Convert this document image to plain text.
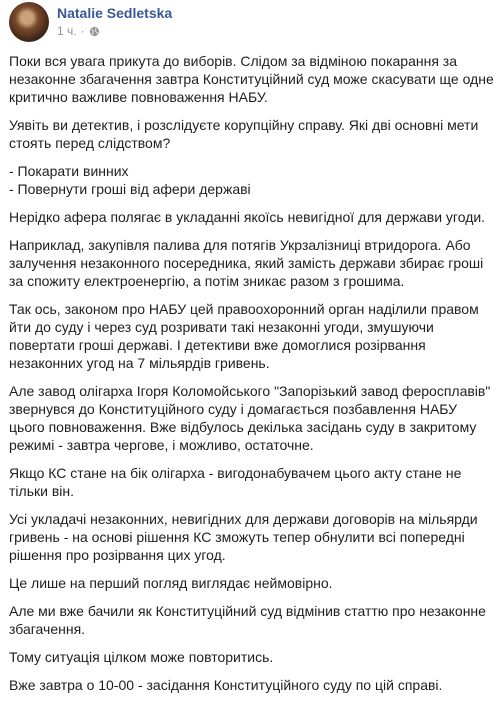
Natalie Sedletska
1 ч. ·

Поки вся увага прикута до виборів. Слідом за відміною покарання за незаконне збагачення завтра Конституційний суд може скасувати ще одне критично важливе повноваження НАБУ.

Уявіть ви детектив, і розслідуєте корупційну справу. Які дві основні мети стоять перед слідством?

- Покарати винних
- Повернути гроші від афери державі

Нерідко афера полягає в укладанні якоїсь невигідної для держави угоди.

Наприклад, закупівля палива для потягів Укрзалізниці втридорога. Або залучення незаконного посередника, який замість держави збирає гроші за спожиту електроенергію, а потім зникає разом з грошима.

Так ось, законом про НАБУ цей правоохоронний орган наділили правом йти до суду і через суд розривати такі незаконні угоди, змушуючи повертати гроші державі. І детективи вже домоглися розірвання незаконних угод на 7 мільярдів гривень.

Але завод олігарха Ігоря Коломойського "Запорізький завод феросплавів" звернувся до Конституційного суду і домагається позбавлення НАБУ цього повноваження. Вже відбулось декілька засідань суду в закритому режимі - завтра чергове, і можливо, остаточне.

Якщо КС стане на бік олігарха - вигодонабувачем цього акту стане не тільки він.

Усі укладачі незаконних, невигідних для держави договорів на мільярди гривень - на основі рішення КС зможуть тепер обнулити всі попередні рішення про розірвання цих угод.

Це лише на перший погляд виглядає неймовірно.

Але ми вже бачили як Конституційний суд відмінив статтю про незаконне збагачення.

Тому ситуація цілком може повторитись.

Вже завтра о 10-00 - засідання Конституційного суду по цій справі.
